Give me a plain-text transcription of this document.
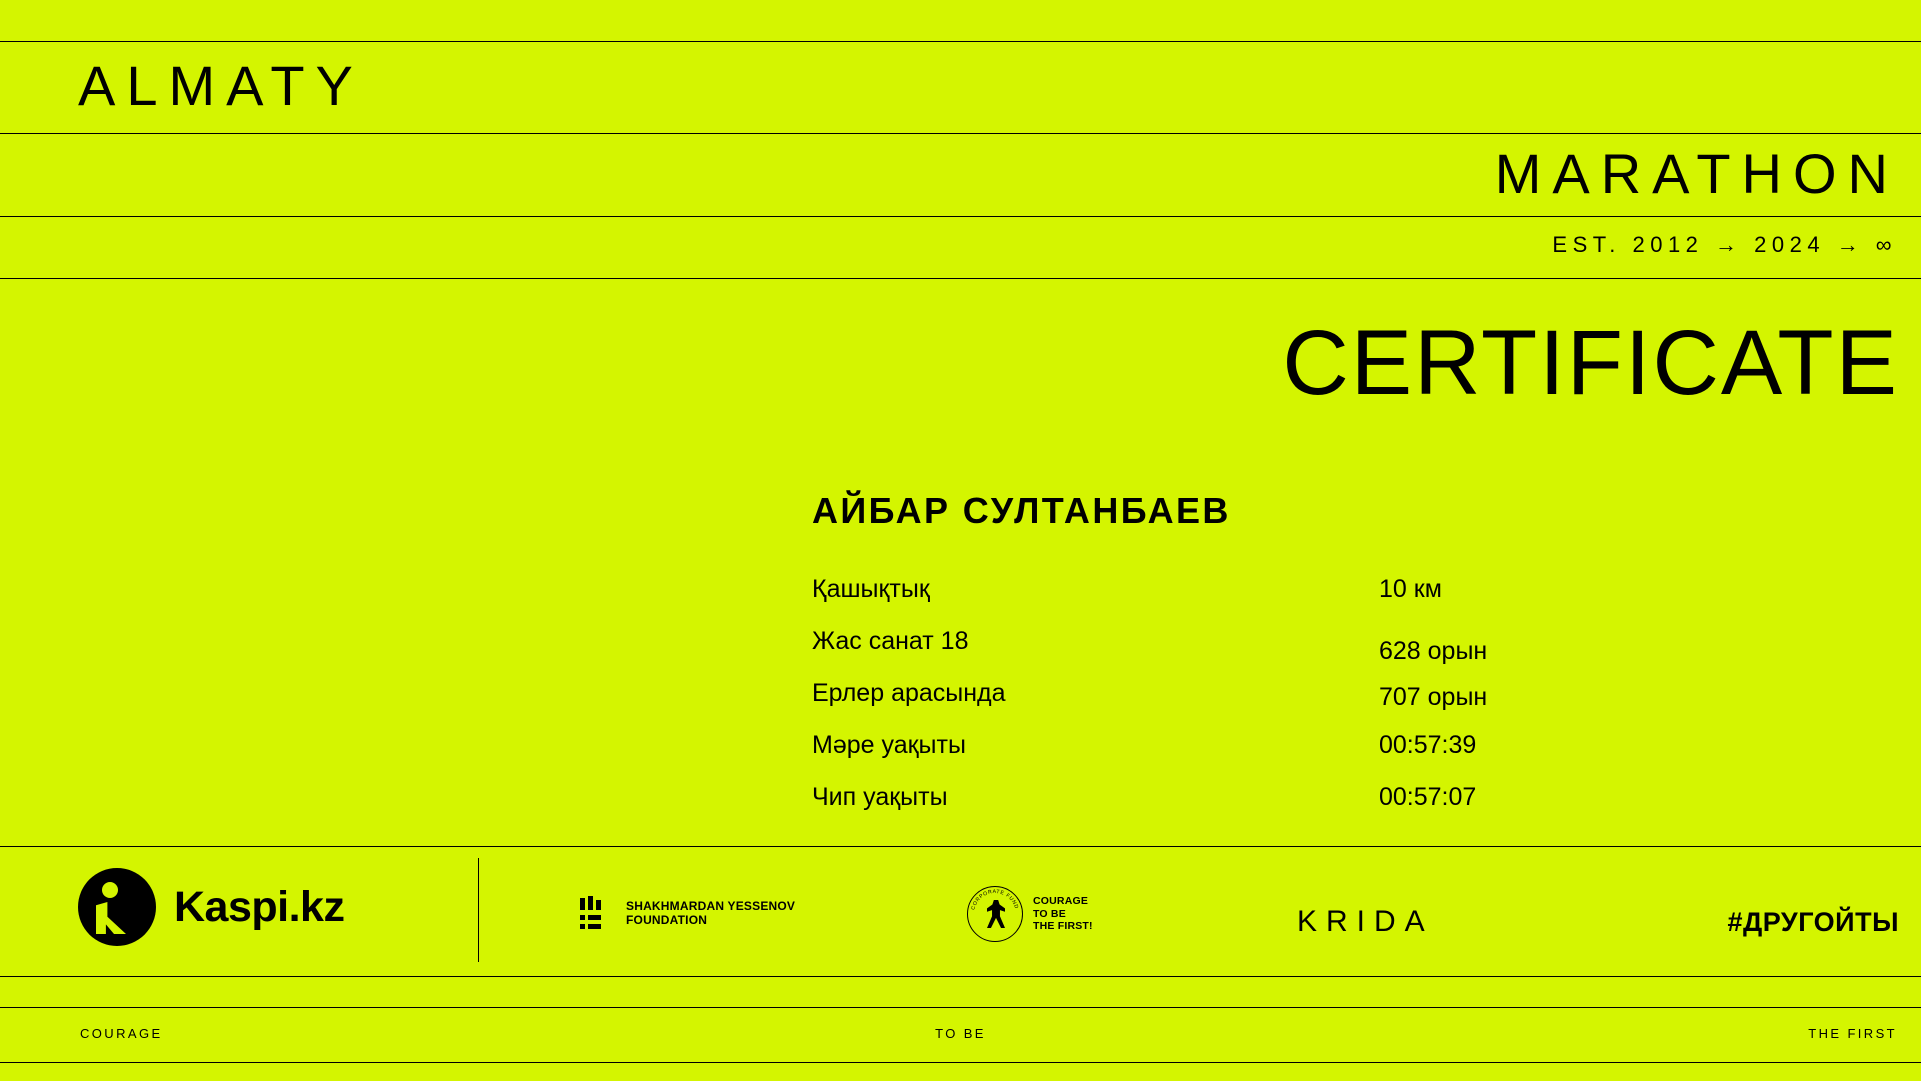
ALMATY
MARATHON
EST. 2012 → 2024 → ∞
CERTIFICATE
АЙБАР СУЛТАНБАЕВ
Қашықтық	10 км
Жас санат 18	628 орын
Ерлер арасында	707 орын
Мәре уақыты	00:57:39
Чип уақыты	00:57:07
Kaspi.kz	SHAKHMARDAN YESSENOV
FOUNDATION
CORPORATE FUND COURAGE
TO BE
THE FIRST!	KRIDA	#ДРУГОЙТЫ
COURAGE	TO BE	THE FIRST
